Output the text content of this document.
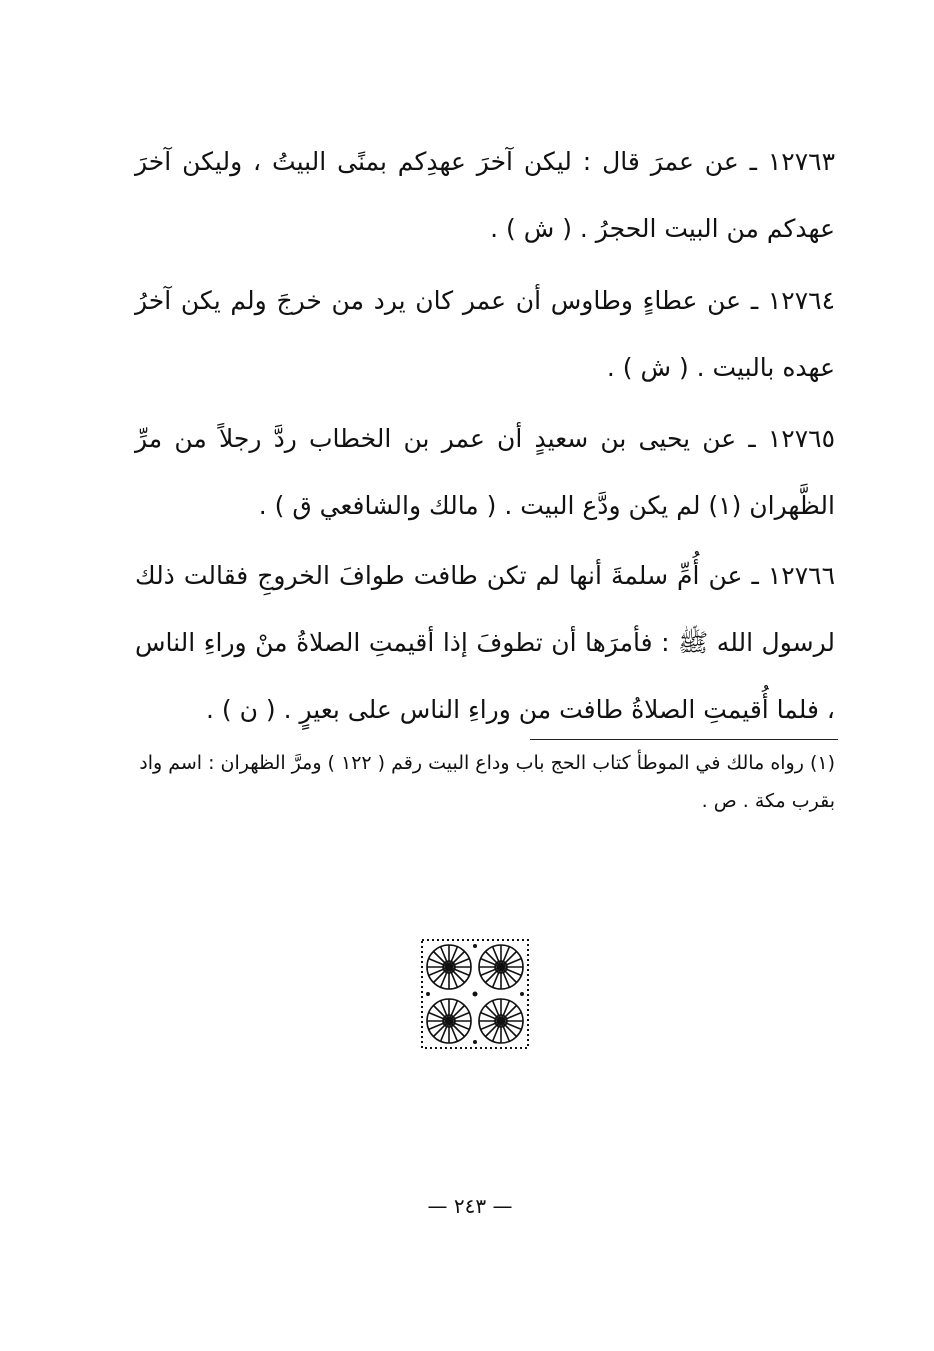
١٢٧٦٣ ـ عن عمرَ قال : ليكن آخرَ عهدِكم بمنًى البيتُ ، وليكن آخرَ عهدكم من البيت الحجرُ . ( ش ) .

١٢٧٦٤ ـ عن عطاءٍ وطاوس أن عمر كان يرد من خرجَ ولم يكن آخرُ عهده بالبيت . ( ش ) .

١٢٧٦٥ ـ عن يحيى بن سعيدٍ أن عمر بن الخطاب ردَّ رجلاً من مرِّ الظَّهران (١) لم يكن ودَّع البيت . ( مالك والشافعي ق ) .

١٢٧٦٦ ـ عن أُمِّ سلمةَ أنها لم تكن طافت طوافَ الخروجِ فقالت ذلك لرسول الله ﷺ : فأمرَها أن تطوفَ إذا أقيمتِ الصلاةُ منْ وراءِ الناس ، فلما أُقيمتِ الصلاةُ طافت من وراءِ الناس على بعيرٍ . ( ن ) .

(١) رواه مالك في الموطأ كتاب الحج باب وداع البيت رقم ( ١٢٢ ) ومرَّ الظهران : اسم واد بقرب مكة . ص .

— ٢٤٣ —
